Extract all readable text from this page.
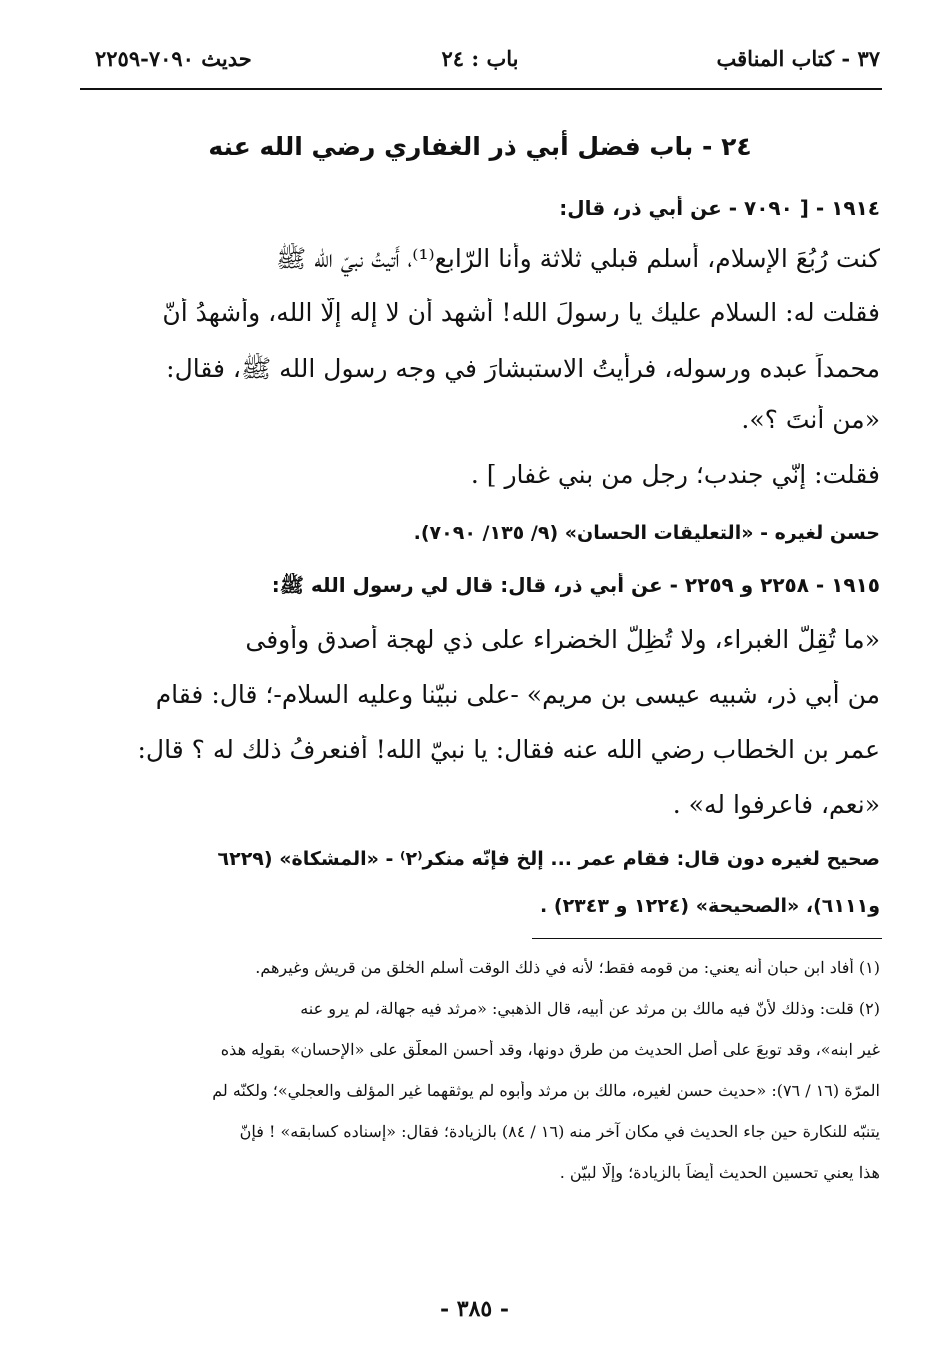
٣٧ - كتاب المناقب
باب : ٢٤
حديث ٧٠٩٠-٢٢٥٩
٢٤ - باب فضل أبي ذر الغفاري رضي الله عنه
١٩١٤ - [ ٧٠٩٠ - عن أبي ذر، قال:
كنت رُبُعَ الإسلام، أسلم قبلي ثلاثة وأنا الرّابع⁽¹⁾، أَتيتُ نبيّ الله ﷺ
فقلت له: السلام عليك يا رسولَ الله! أشهد أن لا إله إلّا الله، وأشهدُ أنّ
محمداً عبده ورسوله، فرأيتُ الاستبشارَ في وجه رسول الله ﷺ، فقال:
«من أنتَ ؟».
فقلت: إنّي جندب؛ رجل من بني غفار ] .
حسن لغيره - «التعليقات الحسان» (٩/ ١٣٥/ ٧٠٩٠).
١٩١٥ - ٢٢٥٨ و ٢٢٥٩ - عن أبي ذر، قال: قال لي رسول الله ﷺ:
«ما تُقِلُّ الغبراء، ولا تُظِلُّ الخضراء على ذي لهجة أصدق وأوفى
من أبي ذر، شبيه عيسى بن مريم» -على نبيّنا وعليه السلام-؛ قال: فقام
عمر بن الخطاب رضي الله عنه فقال: يا نبيّ الله! أفنعرفُ ذلك له ؟ قال:
«نعم، فاعرفوا له» .
صحيح لغيره دون قال: فقام عمر ... إلخ فإنّه منكر⁽٢⁾ - «المشكاة» (٦٢٢٩
و٦١١١)، «الصحيحة» (١٢٢٤ و ٢٣٤٣) .
(١) أفاد ابن حبان أنه يعني: من قومه فقط؛ لأنه في ذلك الوقت أسلم الخلق من قريش وغيرهم.
(٢) قلت: وذلك لأنّ فيه مالك بن مرثد عن أبيه، قال الذهبي: «مرثد فيه جهالة، لم يرو عنه
غير ابنه»، وقد توبعَ على أصل الحديث من طرق دونها، وقد أحسن المعلّق على «الإحسان» بقولِه هذه
المرّة (١٦ / ٧٦): «حديث حسن لغيره، مالك بن مرثد وأبوه لم يوثقهما غير المؤلف والعجلي»؛ ولكنّه لم
يتنبّه للنكارة حين جاء الحديث في مكان آخر منه (١٦ / ٨٤) بالزيادة؛ فقال: «إسناده كسابقه» ! فإنّ
هذا يعني تحسين الحديث أيضاً بالزيادة؛ وإلّا لبيّن .
- ٣٨٥ -
